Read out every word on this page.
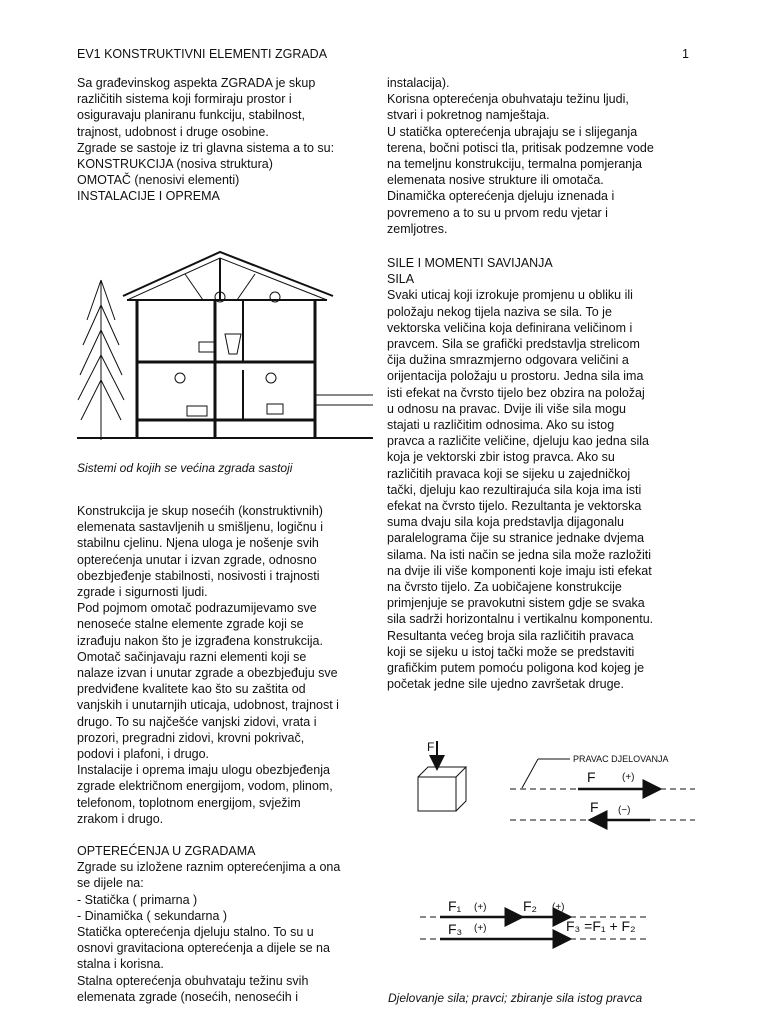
EV1 KONSTRUKTIVNI ELEMENTI ZGRADA	1

Sa građevinskog aspekta ZGRADA je skup

različitih sistema koji formiraju prostor i

osiguravaju planiranu funkciju, stabilnost,

trajnost, udobnost i druge osobine.

Zgrade se sastoje iz tri glavna sistema a to su:

KONSTRUKCIJA (nosiva struktura)

OMOTAČ (nenosivi elementi)

INSTALACIJE I OPREMA

Sistemi od kojih se većina zgrada sastoji

Konstrukcija je skup nosećih (konstruktivnih)

elemenata sastavljenih u smišljenu, logičnu i

stabilnu cjelinu. Njena uloga je nošenje svih

opterećenja unutar i izvan zgrade, odnosno

obezbjeđenje stabilnosti, nosivosti i trajnosti

zgrade i sigurnosti ljudi.

Pod pojmom omotač podrazumijevamo sve

nenoseće stalne elemente zgrade koji se

izrađuju nakon što je izgrađena konstrukcija.

Omotač sačinjavaju razni elementi koji se

nalaze izvan i unutar zgrade a obezbjeđuju sve

predviđene kvalitete kao što su zaštita od

vanjskih i unutarnjih uticaja, udobnost, trajnost i

drugo. To su najčešće vanjski zidovi, vrata i

prozori, pregradni zidovi, krovni pokrivač,

podovi i plafoni, i drugo.

Instalacije i oprema imaju ulogu obezbjeđenja

zgrade električnom energijom, vodom, plinom,

telefonom, toplotnom energijom, svježim

zrakom i drugo.

OPTEREĆENJA U ZGRADAMA

Zgrade su izložene raznim opterećenjima a ona

se dijele na:

- Statička ( primarna )

- Dinamička ( sekundarna )

Statička opterećenja djeluju stalno. To su u

osnovi gravitaciona opterećenja a dijele se na

stalna i korisna.

Stalna opterećenja obuhvataju težinu svih

elemenata zgrade (nosećih, nenosećih i

instalacija).

Korisna opterećenja obuhvataju težinu ljudi,

stvari i pokretnog namještaja.

U statička opterećenja ubrajaju se i slijeganja

terena, bočni potisci tla, pritisak podzemne vode

na temeljnu konstrukciju, termalna pomjeranja

elemenata nosive strukture ili omotača.

Dinamička opterećenja djeluju iznenada i

povremeno a to su u prvom redu vjetar i

zemljotres.

SILE I MOMENTI SAVIJANJA

SILA

Svaki uticaj koji izrokuje promjenu u obliku ili

položaju nekog tijela naziva se sila. To je

vektorska veličina koja definirana veličinom i

pravcem. Sila se grafički predstavlja strelicom

čija dužina smrazmjerno odgovara veličini a

orijentacija položaju u prostoru. Jedna sila ima

isti efekat na čvrsto tijelo bez obzira na položaj

u odnosu na pravac. Dvije ili više sila mogu

stajati u različitim odnosima. Ako su istog

pravca a različite veličine, djeluju kao jedna sila

koja je vektorski zbir istog pravca. Ako su

različitih pravaca koji se sijeku u zajedničkoj

tački, djeluju kao rezultirajuća sila koja ima isti

efekat na čvrsto tijelo. Rezultanta je vektorska

suma dvaju sila koja predstavlja dijagonalu

paralelograma čije su stranice jednake dvjema

silama. Na isti način se jedna sila može razložiti

na dvije ili više komponenti koje imaju isti efekat

na čvrsto tijelo. Za uobičajene konstrukcije

primjenjuje se pravokutni sistem gdje se svaka

sila sadrži horizontalnu i vertikalnu komponentu.

Resultanta većeg broja sila različitih pravaca

koji se sijeku u istoj tački može se predstaviti

grafičkim putem pomoću poligona kod kojeg je

početak jedne sile ujedno završetak druge.

F
PRAVAC DJELOVANJA
F	(+)
F (−)
F₁ (+)	F₂ (+)
F₃ (+)	F₃ =F₁ + F₂
Djelovanje sila; pravci; zbiranje sila istog pravca
